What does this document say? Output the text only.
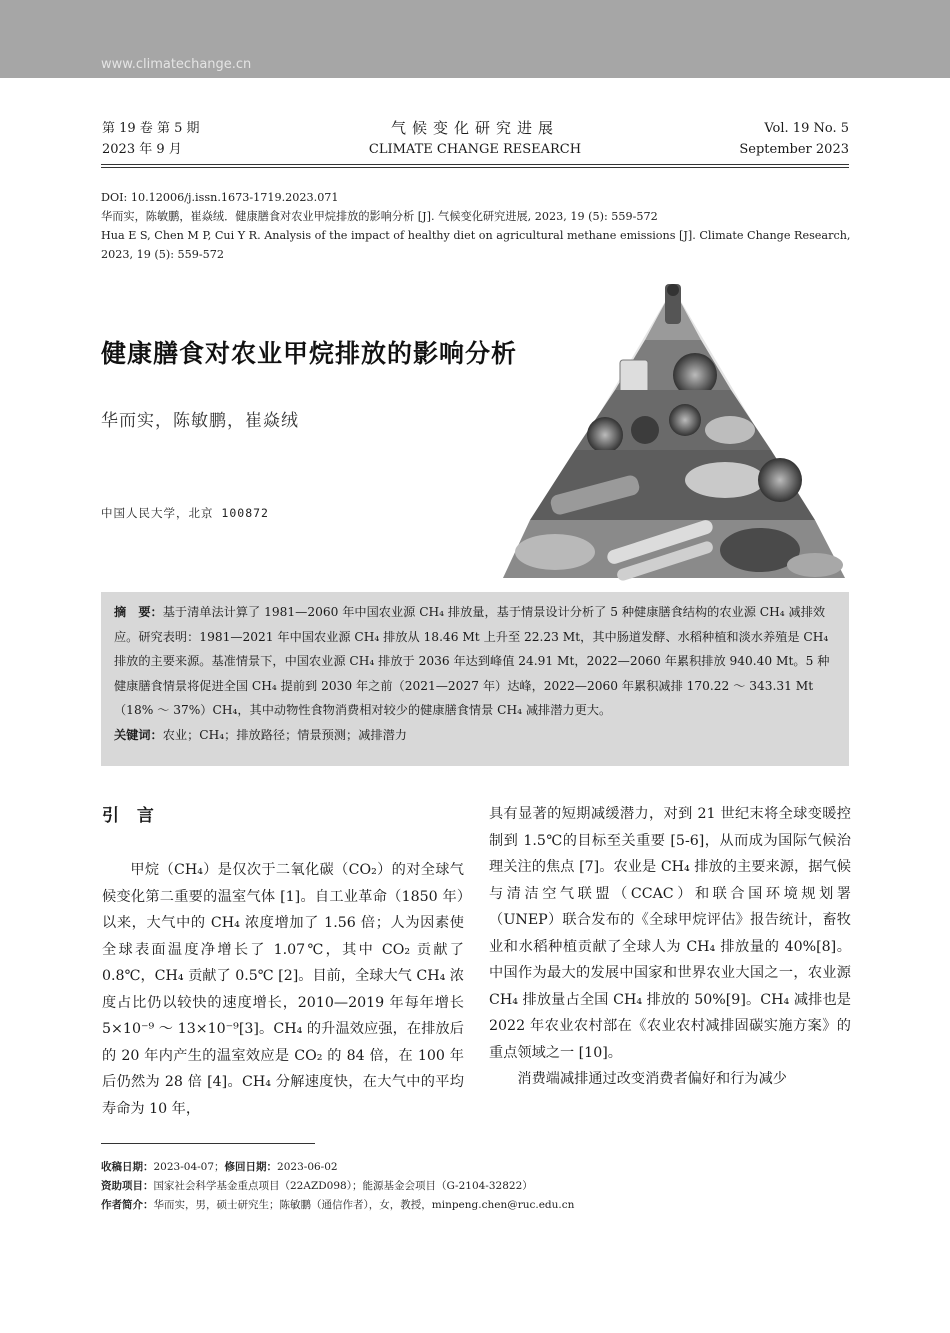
www.climatechange.cn
第 19 卷 第 5 期
2023 年 9 月
气候变化研究进展
CLIMATE CHANGE RESEARCH
Vol. 19 No. 5
September 2023
DOI: 10.12006/j.issn.1673-1719.2023.071
华而实，陈敏鹏，崔焱绒．健康膳食对农业甲烷排放的影响分析 [J]. 气候变化研究进展, 2023, 19 (5): 559-572
Hua E S, Chen M P, Cui Y R. Analysis of the impact of healthy diet on agricultural methane emissions [J]. Climate Change Research, 2023, 19 (5): 559-572
健康膳食对农业甲烷排放的影响分析
华而实，陈敏鹏，崔焱绒
中国人民大学，北京 100872
摘　要：基于清单法计算了 1981—2060 年中国农业源 CH₄ 排放量，基于情景设计分析了 5 种健康膳食结构的农业源 CH₄ 减排效应。研究表明：1981—2021 年中国农业源 CH₄ 排放从 18.46 Mt 上升至 22.23 Mt，其中肠道发酵、水稻种植和淡水养殖是 CH₄ 排放的主要来源。基准情景下，中国农业源 CH₄ 排放于 2036 年达到峰值 24.91 Mt，2022—2060 年累积排放 940.40 Mt。5 种健康膳食情景将促进全国 CH₄ 提前到 2030 年之前（2021—2027 年）达峰，2022—2060 年累积减排 170.22 ～ 343.31 Mt（18% ～ 37%）CH₄，其中动物性食物消费相对较少的健康膳食情景 CH₄ 减排潜力更大。
关键词：农业；CH₄；排放路径；情景预测；减排潜力
引 言

甲烷（CH₄）是仅次于二氧化碳（CO₂）的对全球气候变化第二重要的温室气体 [1]。自工业革命（1850 年）以来，大气中的 CH₄ 浓度增加了 1.56 倍；人为因素使全球表面温度净增长了 1.07℃，其中 CO₂ 贡献了 0.8℃，CH₄ 贡献了 0.5℃ [2]。目前，全球大气 CH₄ 浓度占比仍以较快的速度增长，2010—2019 年每年增长 5×10⁻⁹ ～ 13×10⁻⁹[3]。CH₄ 的升温效应强，在排放后的 20 年内产生的温室效应是 CO₂ 的 84 倍，在 100 年后仍然为 28 倍 [4]。CH₄ 分解速度快，在大气中的平均寿命为 10 年，

具有显著的短期减缓潜力，对到 21 世纪末将全球变暖控制到 1.5℃的目标至关重要 [5-6]，从而成为国际气候治理关注的焦点 [7]。农业是 CH₄ 排放的主要来源，据气候与清洁空气联盟（CCAC）和联合国环境规划署（UNEP）联合发布的《全球甲烷评估》报告统计，畜牧业和水稻种植贡献了全球人为 CH₄ 排放量的 40%[8]。中国作为最大的发展中国家和世界农业大国之一，农业源 CH₄ 排放量占全国 CH₄ 排放的 50%[9]。CH₄ 减排也是 2022 年农业农村部在《农业农村减排固碳实施方案》的重点领域之一 [10]。

消费端减排通过改变消费者偏好和行为减少

收稿日期：2023-04-07；修回日期：2023-06-02
资助项目：国家社会科学基金重点项目（22AZD098）；能源基金会项目（G-2104-32822）
作者简介：华而实，男，硕士研究生；陈敏鹏（通信作者），女，教授，minpeng.chen@ruc.edu.cn
